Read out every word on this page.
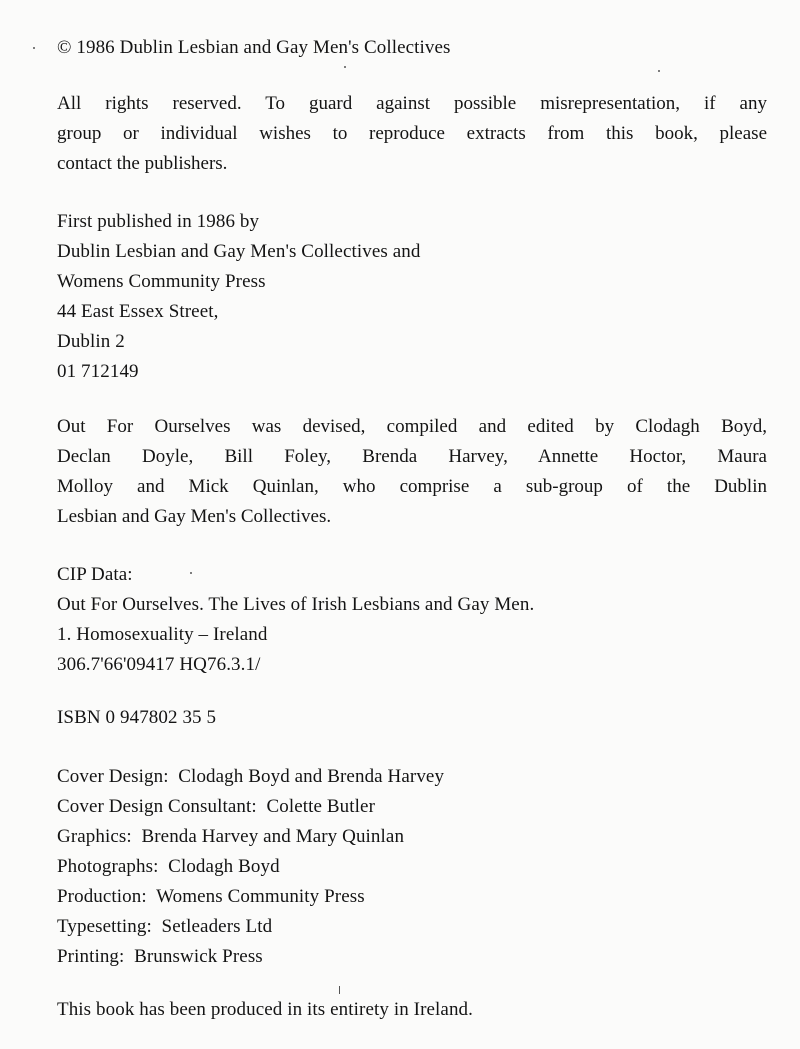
© 1986 Dublin Lesbian and Gay Men's Collectives
All rights reserved. To guard against possible misrepresentation, if any
group or individual wishes to reproduce extracts from this book, please
contact the publishers.
First published in 1986 by
Dublin Lesbian and Gay Men's Collectives and
Womens Community Press
44 East Essex Street,
Dublin 2
01 712149
Out For Ourselves was devised, compiled and edited by Clodagh Boyd,
Declan Doyle, Bill Foley, Brenda Harvey, Annette Hoctor, Maura
Molloy and Mick Quinlan, who comprise a sub-group of the Dublin
Lesbian and Gay Men's Collectives.
CIP Data:
Out For Ourselves. The Lives of Irish Lesbians and Gay Men.
1. Homosexuality – Ireland
306.7'66'09417 HQ76.3.1/
ISBN 0 947802 35 5
Cover Design:  Clodagh Boyd and Brenda Harvey
Cover Design Consultant:  Colette Butler
Graphics:  Brenda Harvey and Mary Quinlan
Photographs:  Clodagh Boyd
Production:  Womens Community Press
Typesetting:  Setleaders Ltd
Printing:  Brunswick Press
This book has been produced in its entirety in Ireland.
